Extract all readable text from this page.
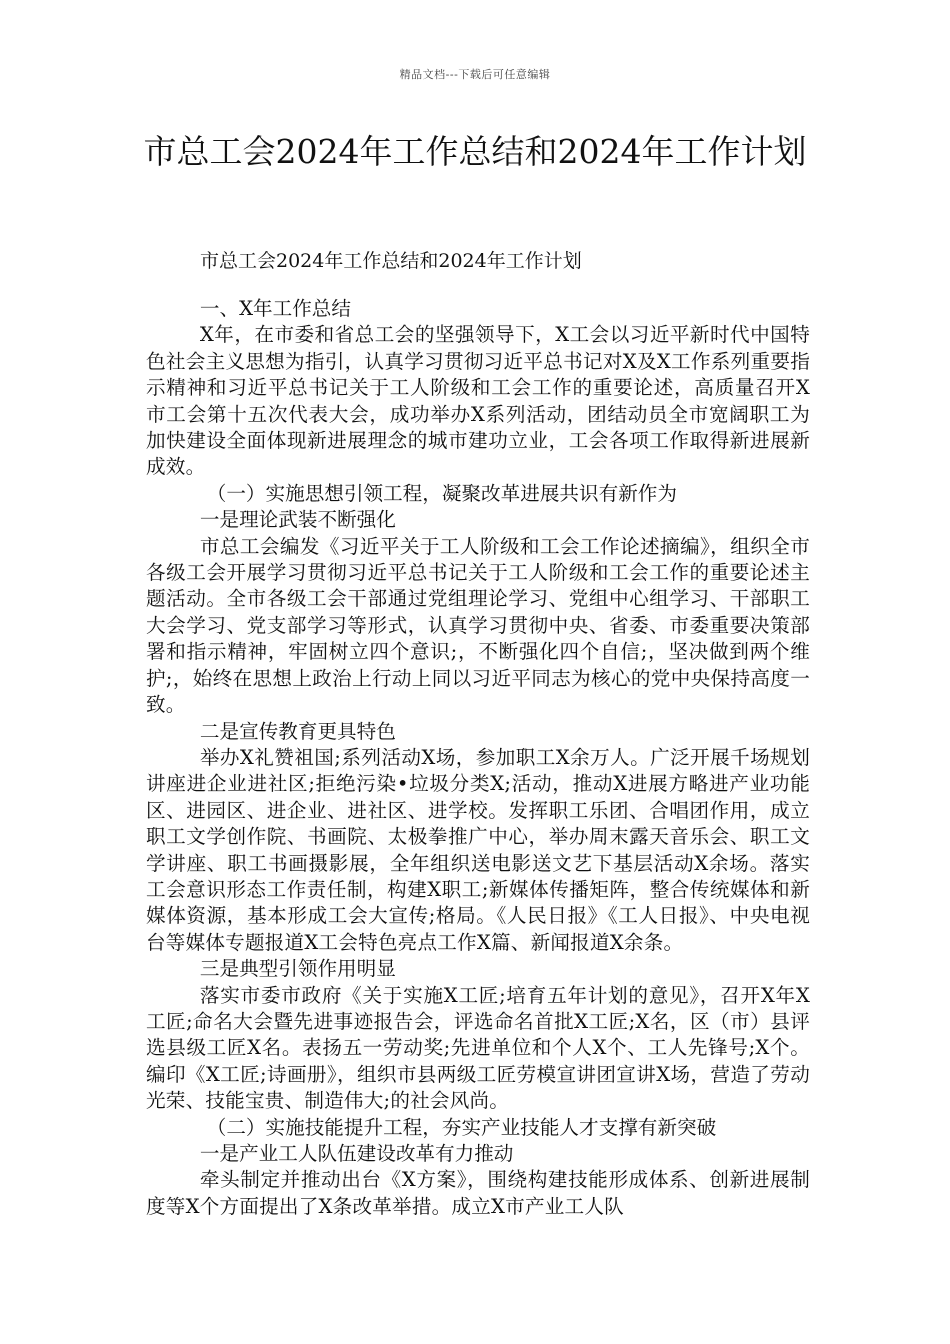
精品文档---下载后可任意编辑
市总工会2024年工作总结和2024年工作计划
市总工会2024年工作总结和2024年工作计划

一、X年工作总结

X年，在市委和省总工会的坚强领导下，X工会以习近平新时代中国特色社会主义思想为指引，认真学习贯彻习近平总书记对X及X工作系列重要指示精神和习近平总书记关于工人阶级和工会工作的重要论述，高质量召开X市工会第十五次代表大会，成功举办X系列活动，团结动员全市宽阔职工为加快建设全面体现新进展理念的城市建功立业，工会各项工作取得新进展新成效。

（一）实施思想引领工程，凝聚改革进展共识有新作为

一是理论武装不断强化

市总工会编发《习近平关于工人阶级和工会工作论述摘编》，组织全市各级工会开展学习贯彻习近平总书记关于工人阶级和工会工作的重要论述主题活动。全市各级工会干部通过党组理论学习、党组中心组学习、干部职工大会学习、党支部学习等形式，认真学习贯彻中央、省委、市委重要决策部署和指示精神，牢固树立四个意识;，不断强化四个自信;，坚决做到两个维护;，始终在思想上政治上行动上同以习近平同志为核心的党中央保持高度一致。

二是宣传教育更具特色

举办X礼赞祖国;系列活动X场，参加职工X余万人。广泛开展千场规划讲座进企业进社区;拒绝污染•垃圾分类X;活动，推动X进展方略进产业功能区、进园区、进企业、进社区、进学校。发挥职工乐团、合唱团作用，成立职工文学创作院、书画院、太极拳推广中心，举办周末露天音乐会、职工文学讲座、职工书画摄影展，全年组织送电影送文艺下基层活动X余场。落实工会意识形态工作责任制，构建X职工;新媒体传播矩阵，整合传统媒体和新媒体资源，基本形成工会大宣传;格局。《人民日报》《工人日报》、中央电视台等媒体专题报道X工会特色亮点工作X篇、新闻报道X余条。

三是典型引领作用明显

落实市委市政府《关于实施X工匠;培育五年计划的意见》，召开X年X工匠;命名大会暨先进事迹报告会，评选命名首批X工匠;X名，区（市）县评选县级工匠X名。表扬五一劳动奖;先进单位和个人X个、工人先锋号;X个。编印《X工匠;诗画册》，组织市县两级工匠劳模宣讲团宣讲X场，营造了劳动光荣、技能宝贵、制造伟大;的社会风尚。

（二）实施技能提升工程，夯实产业技能人才支撑有新突破

一是产业工人队伍建设改革有力推动

牵头制定并推动出台《X方案》，围绕构建技能形成体系、创新进展制度等X个方面提出了X条改革举措。成立X市产业工人队
